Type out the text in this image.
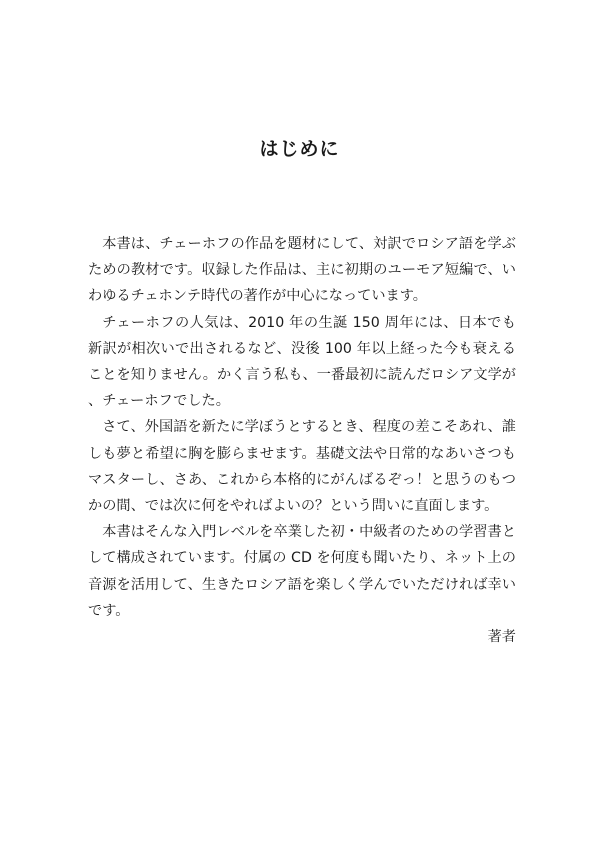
はじめに

本書は、チェーホフの作品を題材にして、対訳でロシア語を学ぶための教材です。収録した作品は、主に初期のユーモア短編で、いわゆるチェホンテ時代の著作が中心になっています。

チェーホフの人気は、2010 年の生誕 150 周年には、日本でも新訳が相次いで出されるなど、没後 100 年以上経った今も衰えることを知りません。かく言う私も、一番最初に読んだロシア文学が、チェーホフでした。

さて、外国語を新たに学ぼうとするとき、程度の差こそあれ、誰しも夢と希望に胸を膨らませます。基礎文法や日常的なあいさつもマスターし、さあ、これから本格的にがんばるぞっ！と思うのもつかの間、では次に何をやればよいの？という問いに直面します。

本書はそんな入門レベルを卒業した初・中級者のための学習書として構成されています。付属の CD を何度も聞いたり、ネット上の音源を活用して、生きたロシア語を楽しく学んでいただければ幸いです。

著者
